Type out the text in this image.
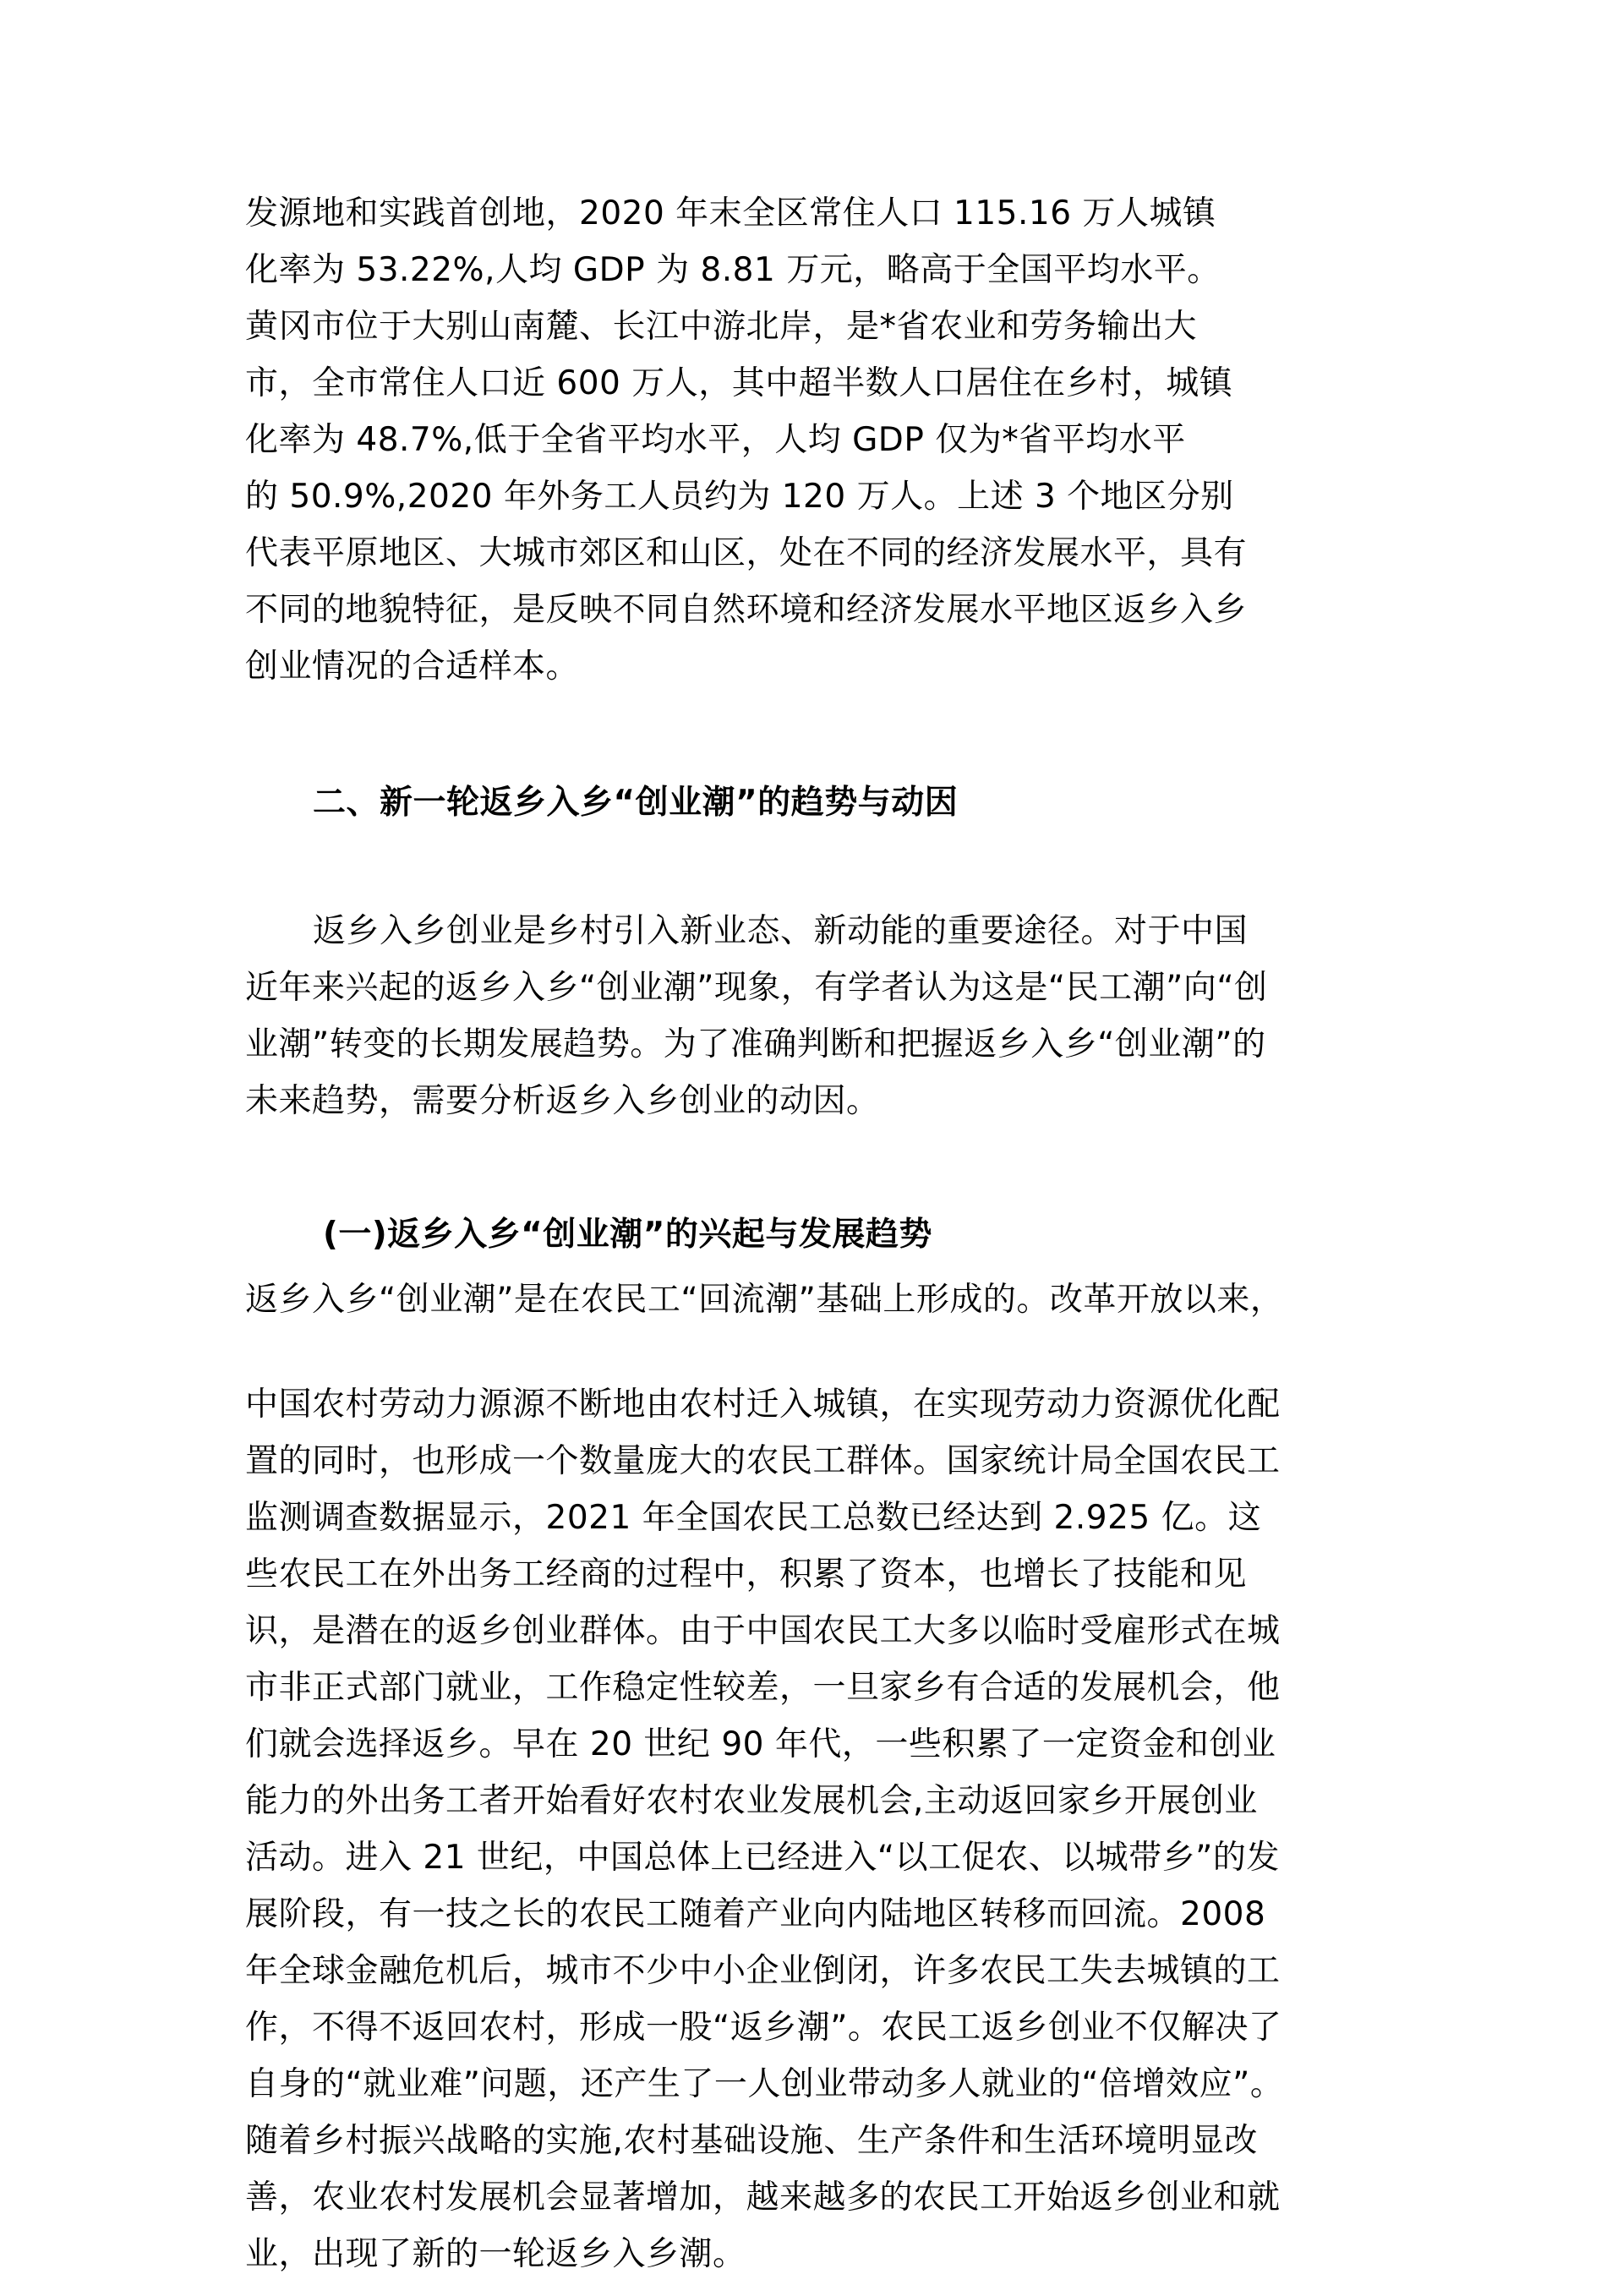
发源地和实践首创地，2020 年末全区常住人口 115.16 万人城镇
化率为 53.22%,人均 GDP 为 8.81 万元，略高于全国平均水平。
黄冈市位于大别山南麓、长江中游北岸，是*省农业和劳务输出大
市，全市常住人口近 600 万人，其中超半数人口居住在乡村，城镇
化率为 48.7%,低于全省平均水平，人均 GDP 仅为*省平均水平
的 50.9%,2020 年外务工人员约为 120 万人。上述 3 个地区分别
代表平原地区、大城市郊区和山区，处在不同的经济发展水平，具有
不同的地貌特征，是反映不同自然环境和经济发展水平地区返乡入乡
创业情况的合适样本。
二、新一轮返乡入乡“创业潮”的趋势与动因
返乡入乡创业是乡村引入新业态、新动能的重要途径。对于中国
近年来兴起的返乡入乡“创业潮”现象，有学者认为这是“民工潮”向“创
业潮”转变的长期发展趋势。为了准确判断和把握返乡入乡“创业潮”的
未来趋势，需要分析返乡入乡创业的动因。
(一)返乡入乡“创业潮”的兴起与发展趋势
返乡入乡“创业潮”是在农民工“回流潮”基础上形成的。改革开放以来，
中国农村劳动力源源不断地由农村迁入城镇，在实现劳动力资源优化配
置的同时，也形成一个数量庞大的农民工群体。国家统计局全国农民工
监测调查数据显示，2021 年全国农民工总数已经达到 2.925 亿。这
些农民工在外出务工经商的过程中，积累了资本，也增长了技能和见
识，是潜在的返乡创业群体。由于中国农民工大多以临时受雇形式在城
市非正式部门就业，工作稳定性较差，一旦家乡有合适的发展机会，他
们就会选择返乡。早在 20 世纪 90 年代，一些积累了一定资金和创业
能力的外出务工者开始看好农村农业发展机会,主动返回家乡开展创业
活动。进入 21 世纪，中国总体上已经进入“以工促农、以城带乡”的发
展阶段，有一技之长的农民工随着产业向内陆地区转移而回流。2008
年全球金融危机后，城市不少中小企业倒闭，许多农民工失去城镇的工
作，不得不返回农村，形成一股“返乡潮”。农民工返乡创业不仅解决了
自身的“就业难”问题，还产生了一人创业带动多人就业的“倍增效应”。
随着乡村振兴战略的实施,农村基础设施、生产条件和生活环境明显改
善，农业农村发展机会显著增加，越来越多的农民工开始返乡创业和就
业，出现了新的一轮返乡入乡潮。
